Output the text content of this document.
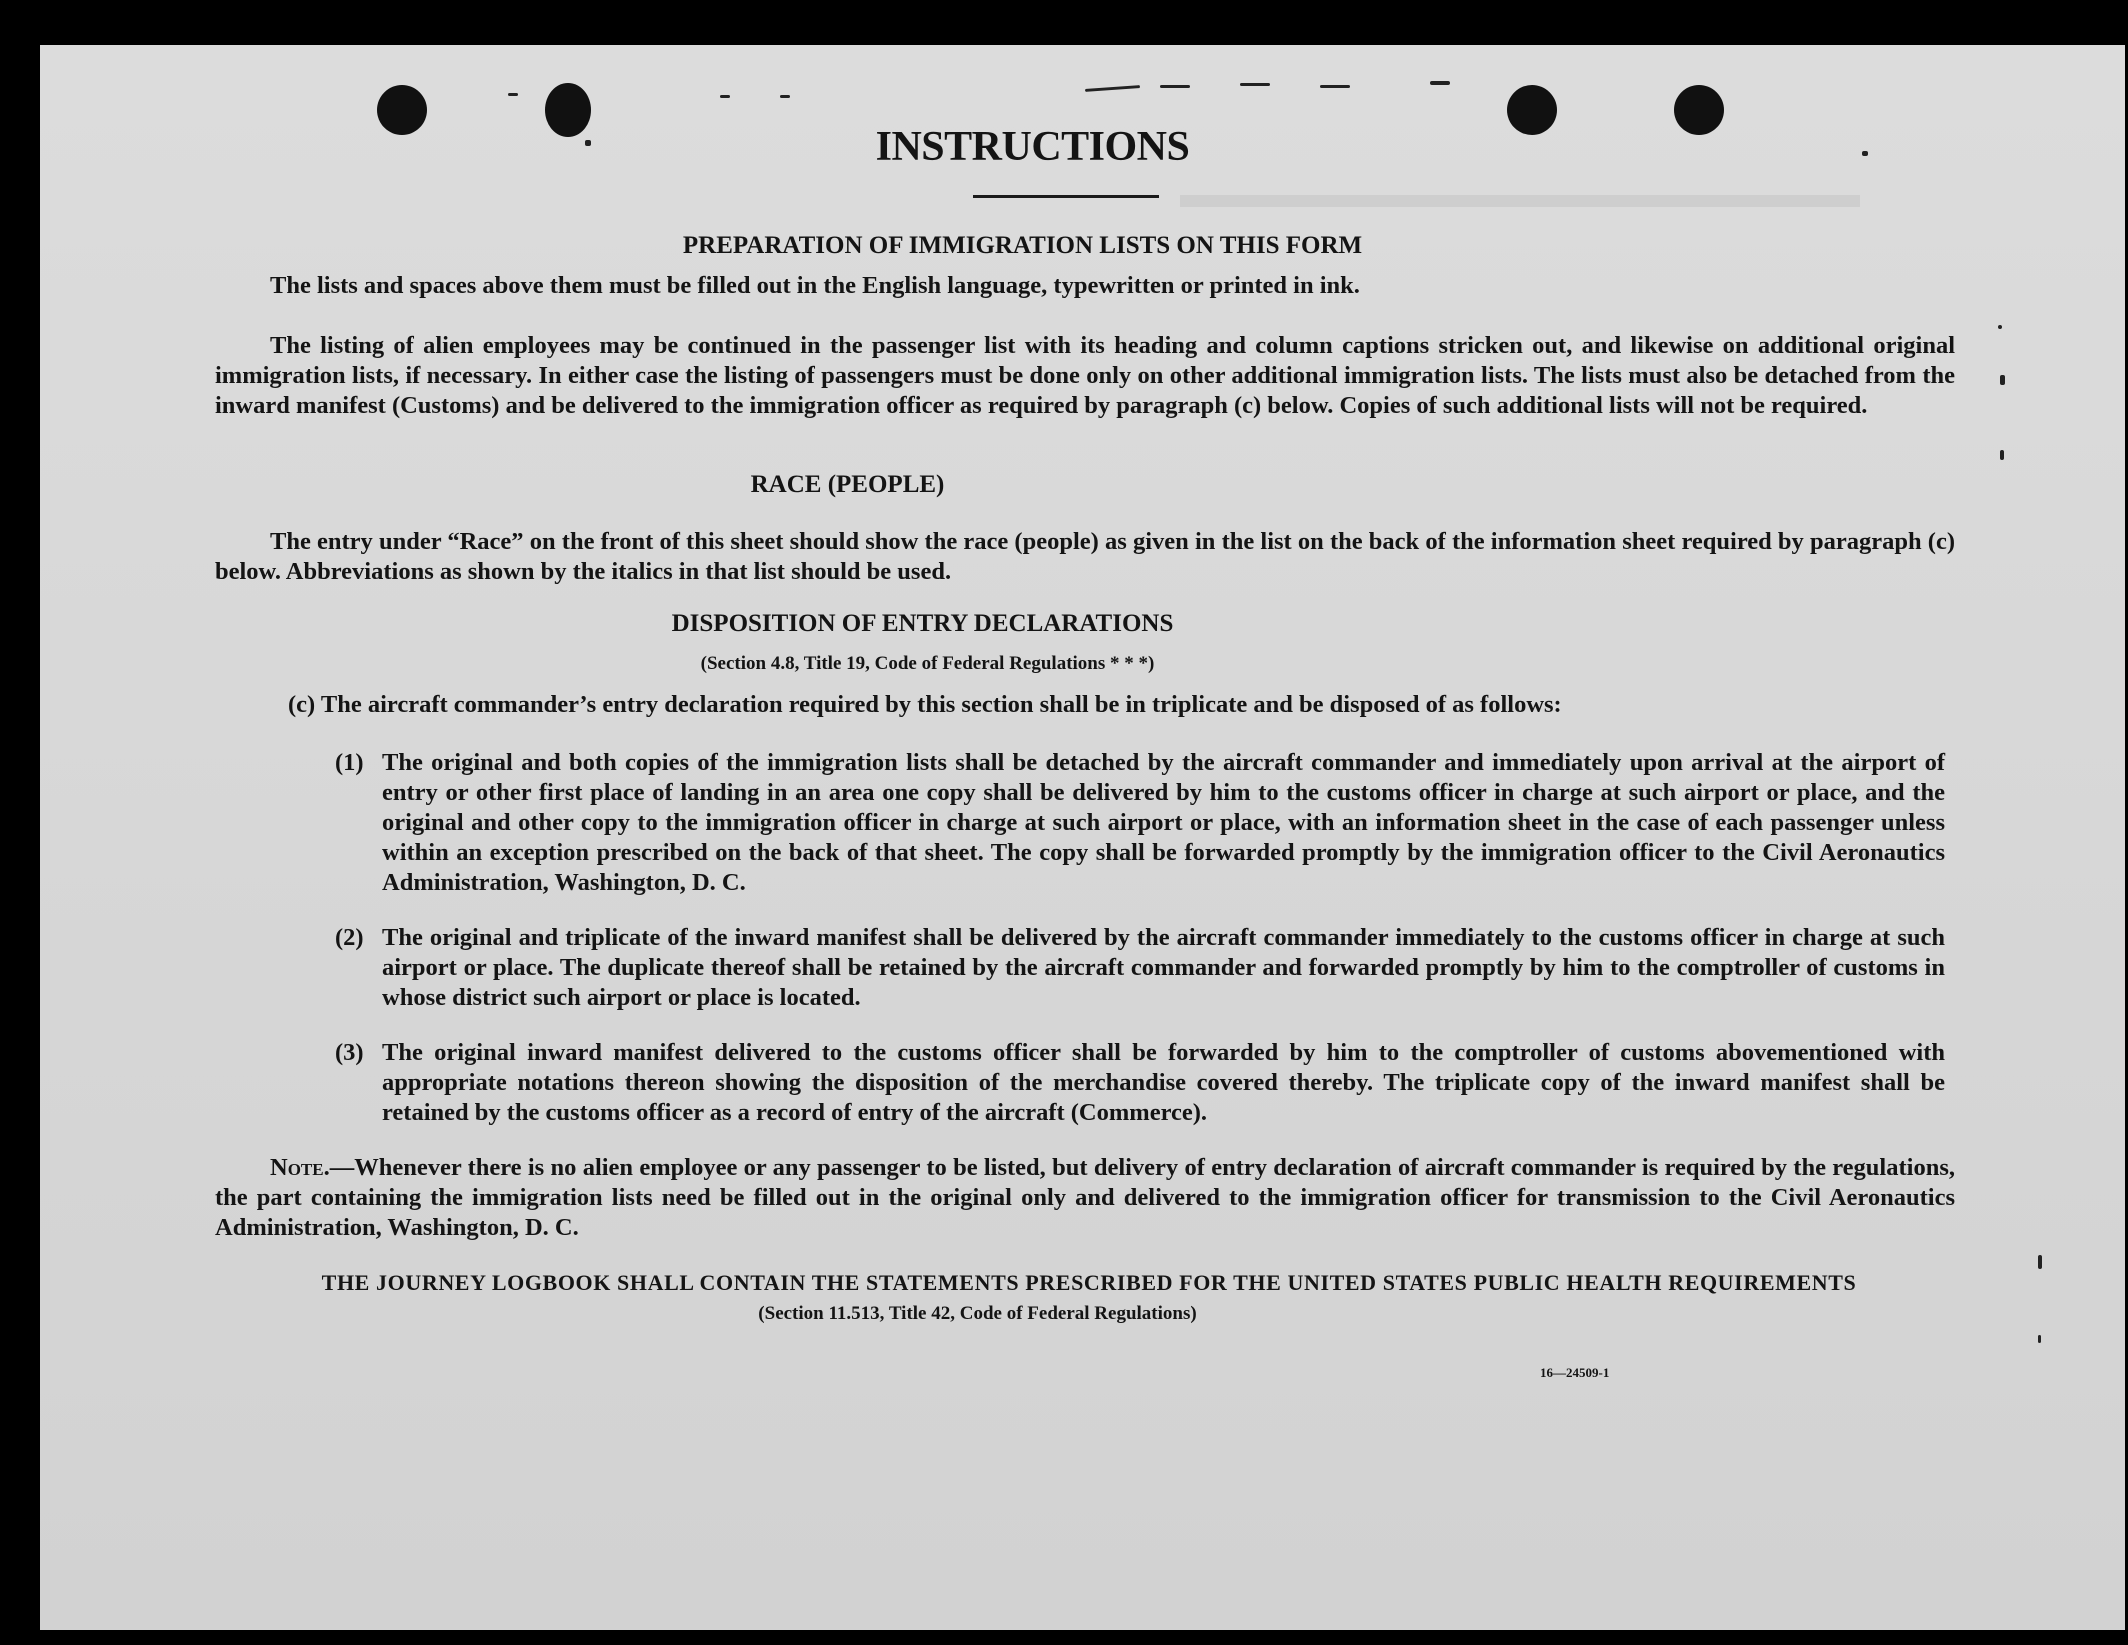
▬▬▬▬▬▬▬▬▬▬▬▬▬▬▬▬▬
INSTRUCTIONS
PREPARATION OF IMMIGRATION LISTS ON THIS FORM

The lists and spaces above them must be filled out in the English language, typewritten or printed in ink.

The listing of alien employees may be continued in the passenger list with its heading and column captions stricken out, and likewise on additional original immigration lists, if necessary. In either case the listing of passengers must be done only on other additional immigration lists. The lists must also be detached from the inward manifest (Customs) and be delivered to the immigration officer as required by paragraph (c) below. Copies of such additional lists will not be required.

RACE (PEOPLE)

The entry under “Race” on the front of this sheet should show the race (people) as given in the list on the back of the information sheet required by paragraph (c) below. Abbreviations as shown by the italics in that list should be used.

DISPOSITION OF ENTRY DECLARATIONS
(Section 4.8, Title 19, Code of Federal Regulations * * *)

(c) The aircraft commander’s entry declaration required by this section shall be in triplicate and be disposed of as follows:

(1) The original and both copies of the immigration lists shall be detached by the aircraft commander and immediately upon arrival at the airport of entry or other first place of landing in an area one copy shall be delivered by him to the customs officer in charge at such airport or place, and the original and other copy to the immigration officer in charge at such airport or place, with an information sheet in the case of each passenger unless within an exception prescribed on the back of that sheet. The copy shall be forwarded promptly by the immigration officer to the Civil Aeronautics Administration, Washington, D. C.
(2) The original and triplicate of the inward manifest shall be delivered by the aircraft commander immediately to the customs officer in charge at such airport or place. The duplicate thereof shall be retained by the aircraft commander and forwarded promptly by him to the comptroller of customs in whose district such airport or place is located.
(3) The original inward manifest delivered to the customs officer shall be forwarded by him to the comptroller of customs abovementioned with appropriate notations thereon showing the disposition of the merchandise covered thereby. The triplicate copy of the inward manifest shall be retained by the customs officer as a record of entry of the aircraft (Commerce).

Note.—Whenever there is no alien employee or any passenger to be listed, but delivery of entry declaration of aircraft commander is required by the regulations, the part containing the immigration lists need be filled out in the original only and delivered to the immigration officer for transmission to the Civil Aeronautics Administration, Washington, D. C.

THE JOURNEY LOGBOOK SHALL CONTAIN THE STATEMENTS PRESCRIBED FOR THE UNITED STATES PUBLIC HEALTH REQUIREMENTS
(Section 11.513, Title 42, Code of Federal Regulations)
16—24509-1
